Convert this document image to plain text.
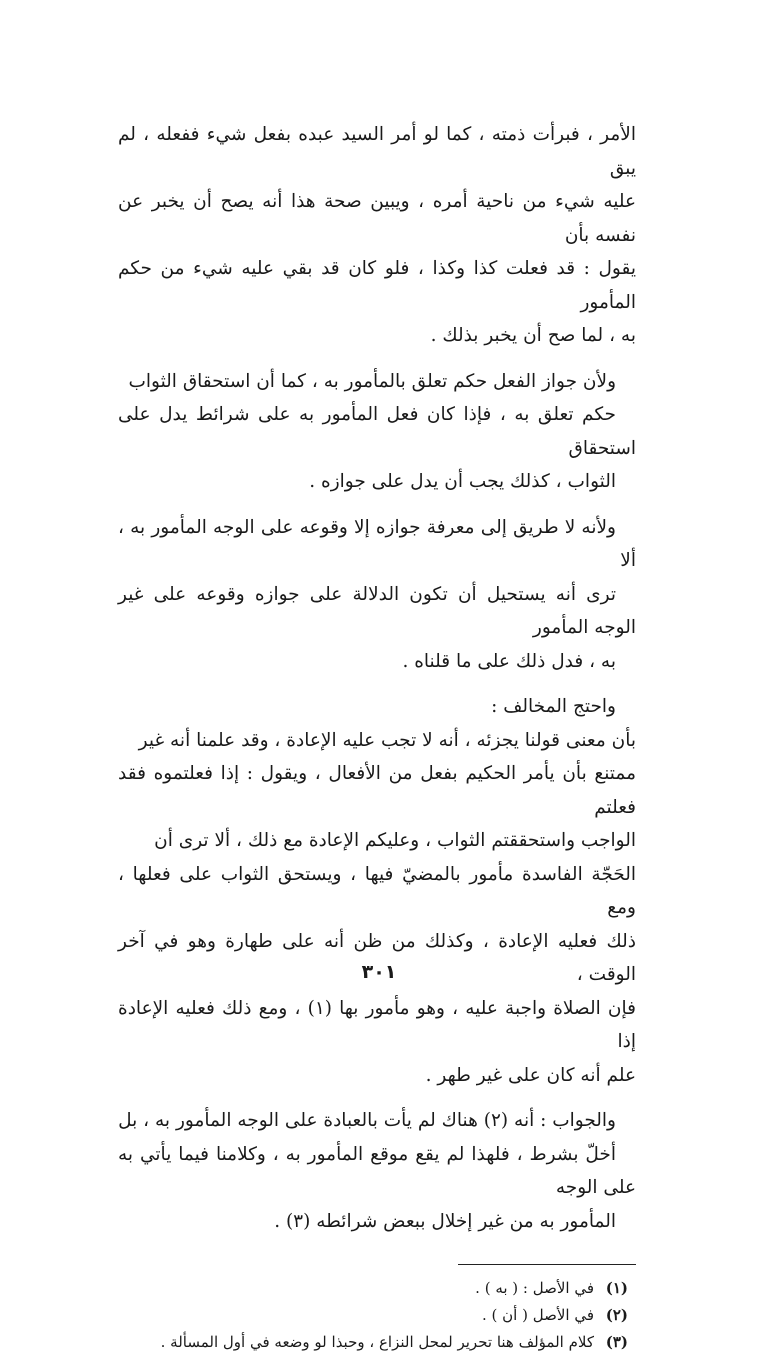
الأمر ، فبرأت ذمته ، كما لو أمر السيد عبده بفعل شيء ففعله ، لم يبق
عليه شيء من ناحية أمره ، ويبين صحة هذا أنه يصح أن يخبر عن نفسه بأن
يقول : قد فعلت كذا وكذا ، فلو كان قد بقي عليه شيء من حكم المأمور
به ، لما صح أن يخبر بذلك .

ولأن جواز الفعل حكم تعلق بالمأمور به ، كما أن استحقاق الثواب
حكم تعلق به ، فإذا كان فعل المأمور به على شرائط يدل على استحقاق
الثواب ، كذلك يجب أن يدل على جوازه .

ولأنه لا طريق إلى معرفة جوازه إلا وقوعه على الوجه المأمور به ، ألا
ترى أنه يستحيل أن تكون الدلالة على جوازه وقوعه على غير الوجه المأمور
به ، فدل ذلك على ما قلناه .

واحتج المخالف :

بأن معنى قولنا يجزئه ، أنه لا تجب عليه الإعادة ، وقد علمنا أنه غير
ممتنع بأن يأمر الحكيم بفعل من الأفعال ، ويقول : إذا فعلتموه فقد فعلتم
الواجب واستحققتم الثواب ، وعليكم الإعادة مع ذلك ، ألا ترى أن
الحَجّة الفاسدة مأمور بالمضيّ فيها ، ويستحق الثواب على فعلها ، ومع
ذلك فعليه الإعادة ، وكذلك من ظن أنه على طهارة وهو في آخر الوقت ،
فإن الصلاة واجبة عليه ، وهو مأمور بها (١) ، ومع ذلك فعليه الإعادة إذا
علم أنه كان على غير طهر .

والجواب : أنه (٢) هناك لم يأت بالعبادة على الوجه المأمور به ، بل
أخلّ بشرط ، فلهذا لم يقع موقع المأمور به ، وكلامنا فيما يأتي به على الوجه
المأمور به من غير إخلال ببعض شرائطه (٣) .

(١)
في الأصل : ( به ) .

(٢)
في الأصل ( أن ) .

(٣)
كلام المؤلف هنا تحرير لمحل النزاع ، وحبذا لو وضعه في أول المسألة .

٣٠١
